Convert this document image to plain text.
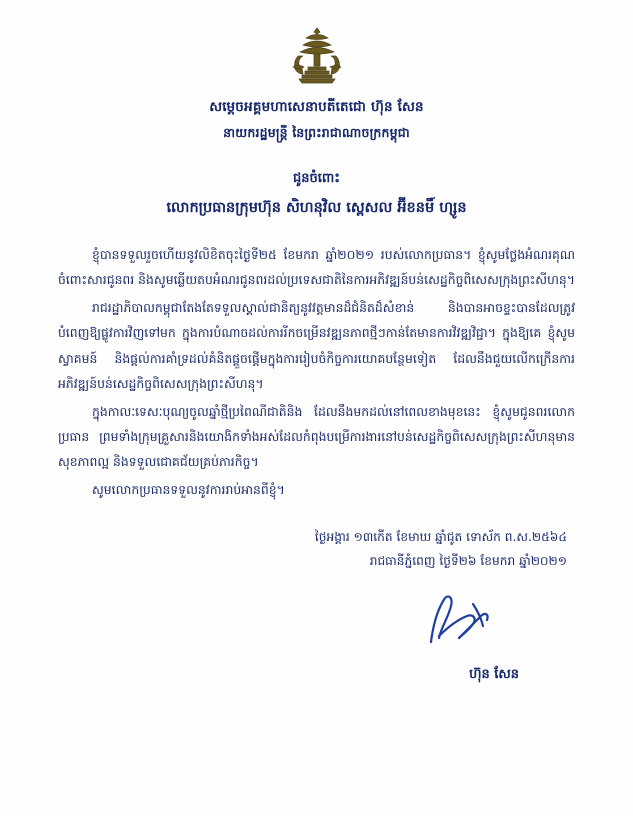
សម្តេចអគ្គមហាសេនាបតីតេជោ ហ៊ុន សែន
នាយករដ្ឋមន្ត្រី នៃព្រះរាជាណាចក្រកម្ពុជា
ជូនចំពោះ
លោកប្រធានក្រុមហ៊ុន សិហនុវិល ស្ពេសល អ៊ីខនមិ៍ ហ្សូន

ខ្ញុំបានទទួលរួចហើយនូវលិខិតចុះថ្ងៃទី២៥ ខែមករា ឆ្នាំ២០២១ របស់លោកប្រធាន។ ខ្ញុំសូមថ្លែងអំណរគុណចំពោះសារជូនពរ និងសូមឆ្លើយតបអំណរជូនពរដល់ប្រទេសជាតិនៃការអភិវឌ្ឍន៍បន់សេដ្ឋកិច្ចពិសេសក្រុងព្រះសីហនុ។

រាជរដ្ឋាភិបាលកម្ពុជាតែងតែទទួលស្គាល់ជានិត្យនូវវត្តមានដ៏ជំនិតដ៏សំខាន់ និងបានអាចខ្ទះបានដែលត្រូវបំពេញឱ្យផ្លូវការវិញទៅមក ក្នុងការបំណាចដល់ការរីកចម្រើនវឌ្ឍនភាពថ្មីៗកាន់តែមានការវិវឌ្ឍវិជ្ជា។ ក្នុងឱ្យគេ ខ្ញុំសូមស្វាគមន៍ និងផ្តល់ការគាំទ្រដល់គំនិតផ្តួចផ្តើមក្នុងការរៀបចំកិច្ចការយោគបន្ថែមទៀត ដែលនឹងជួយលើកក្រើនការអភិវឌ្ឍន៍បន់សេដ្ឋកិច្ចពិសេសក្រុងព្រះសីហនុ។

ក្នុងកាលៈទេសៈបុណ្យចូលឆ្នាំថ្មីប្រពៃណីជាតិនិង ដែលនឹងមកដល់នៅពេលខាងមុខនេះ ខ្ញុំសូមជូនពរលោកប្រធាន ព្រមទាំងក្រុមគ្រួសារនិងយោងិកទាំងអស់ដែលកំពុងបម្រើការងារនៅបន់សេដ្ឋកិច្ចពិសេសក្រុងព្រះសីហនុមានសុខភាពល្អ និងទទួលជោគជ័យគ្រប់ភារកិច្ច។

សូមលោកប្រធានទទួលនូវការរាប់អានពីខ្ញុំ។

ថ្ងៃអង្គារ ១៣កើត ខែមាឃ ឆ្នាំជូត ទោស័ក ព.ស.២៥៦៤
រាជធានីភ្នំពេញ ថ្ងៃទី២៦ ខែមករា ឆ្នាំ២០២១
ហ៊ុន សែន
